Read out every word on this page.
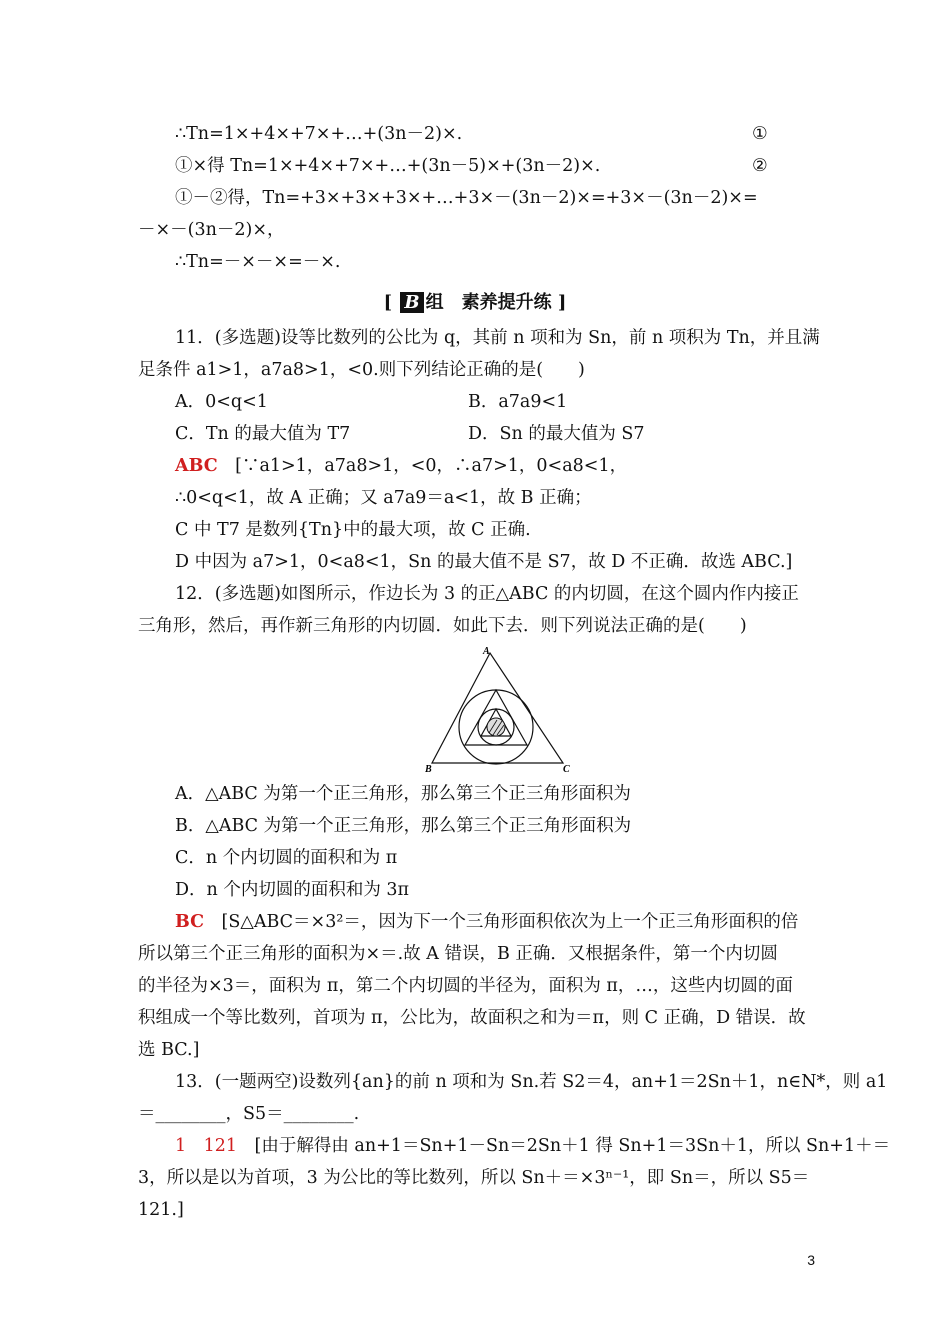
∴Tn=1×+4×+7×+…+(3n－2)×.	①
①×得 Tn=1×+4×+7×+…+(3n－5)×+(3n－2)×.	②
①－②得，Tn=+3×+3×+3×+…+3×－(3n－2)×=+3×－(3n－2)×=
－×－(3n－2)×，
∴Tn=－×－×=－×.
[ B 组　素养提升练 ]
11．(多选题)设等比数列的公比为 q，其前 n 项和为 Sn，前 n 项积为 Tn，并且满
足条件 a1>1，a7a8>1，<0.则下列结论正确的是(　　)
A．0<q<1	B．a7a9<1
C．Tn 的最大值为 T7	D．Sn 的最大值为 S7
ABC　 [∵a1>1，a7a8>1，<0，∴a7>1，0<a8<1，
∴0<q<1，故 A 正确；又 a7a9＝a<1，故 B 正确；
C 中 T7 是数列{Tn}中的最大项，故 C 正确.
D 中因为 a7>1，0<a8<1，Sn 的最大值不是 S7，故 D 不正确．故选 ABC.]
12．(多选题)如图所示，作边长为 3 的正△ABC 的内切圆，在这个圆内作内接正
三角形，然后，再作新三角形的内切圆．如此下去．则下列说法正确的是(　　)
A
B	C
A．△ABC 为第一个正三角形，那么第三个正三角形面积为
B．△ABC 为第一个正三角形，那么第三个正三角形面积为
C．n 个内切圆的面积和为 π
D．n 个内切圆的面积和为 3π
BC　 [S△ABC＝×3²＝，因为下一个三角形面积依次为上一个正三角形面积的倍
所以第三个正三角形的面积为×＝.故 A 错误，B 正确．又根据条件，第一个内切圆
的半径为×3＝，面积为 π，第二个内切圆的半径为，面积为 π，…，这些内切圆的面
积组成一个等比数列，首项为 π，公比为，故面积之和为＝π，则 C 正确，D 错误．故
选 BC.]
13．(一题两空)设数列{an}的前 n 项和为 Sn.若 S2＝4，an+1＝2Sn＋1，n∈N*，则 a1
＝________，S5＝________.
1　121　 [由于解得由 an+1＝Sn+1－Sn＝2Sn＋1 得 Sn+1＝3Sn＋1，所以 Sn+1＋＝
3，所以是以为首项，3 为公比的等比数列，所以 Sn＋＝×3ⁿ⁻¹，即 Sn＝，所以 S5＝
121.]
3
